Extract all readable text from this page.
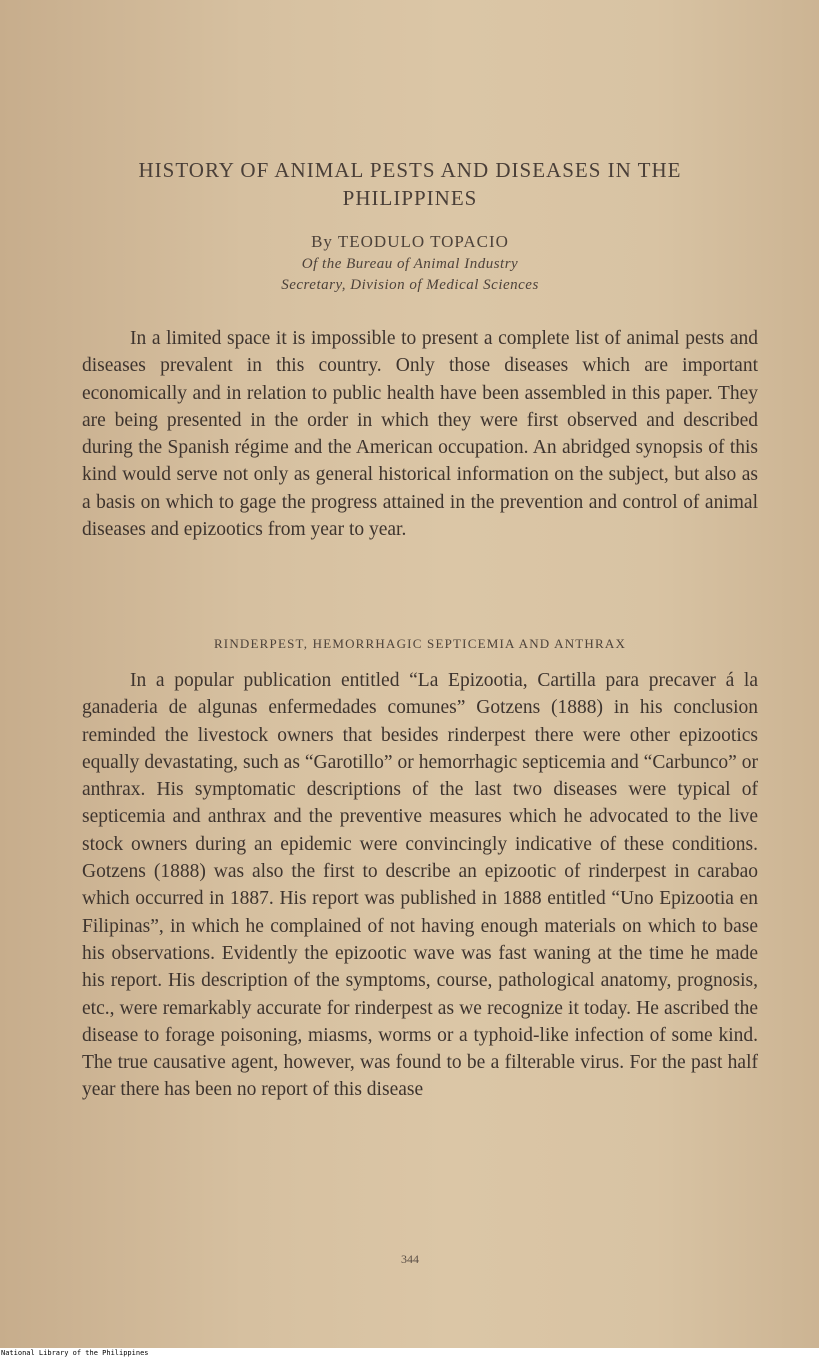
HISTORY OF ANIMAL PESTS AND DISEASES IN THE PHILIPPINES
By TEODULO TOPACIO
Of the Bureau of Animal Industry
Secretary, Division of Medical Sciences

In a limited space it is impossible to present a complete list of animal pests and diseases prevalent in this country. Only those diseases which are important economically and in relation to public health have been assembled in this paper. They are being presented in the order in which they were first observed and described during the Spanish régime and the American occupation. An abridged synopsis of this kind would serve not only as general historical information on the subject, but also as a basis on which to gage the progress attained in the prevention and control of animal diseases and epizootics from year to year.

RINDERPEST, HEMORRHAGIC SEPTICEMIA AND ANTHRAX

In a popular publication entitled “La Epizootia, Cartilla para precaver á la ganaderia de algunas enfermedades comunes” Gotzens (1888) in his conclusion reminded the livestock owners that besides rinderpest there were other epizootics equally devastating, such as “Garotillo” or hemorrhagic septicemia and “Carbunco” or anthrax. His symptomatic descriptions of the last two diseases were typical of septicemia and anthrax and the preventive measures which he advocated to the live stock owners during an epidemic were convincingly indicative of these conditions. Gotzens (1888) was also the first to describe an epizootic of rinderpest in carabao which occurred in 1887. His report was published in 1888 entitled “Uno Epizootia en Filipinas”, in which he complained of not having enough materials on which to base his observations. Evidently the epizootic wave was fast waning at the time he made his report. His description of the symptoms, course, pathological anatomy, prognosis, etc., were remarkably accurate for rinderpest as we recognize it today. He ascribed the disease to forage poisoning, miasms, worms or a typhoid-like infection of some kind. The true causative agent, however, was found to be a filterable virus. For the past half year there has been no report of this disease

344
National Library of the Philippines
